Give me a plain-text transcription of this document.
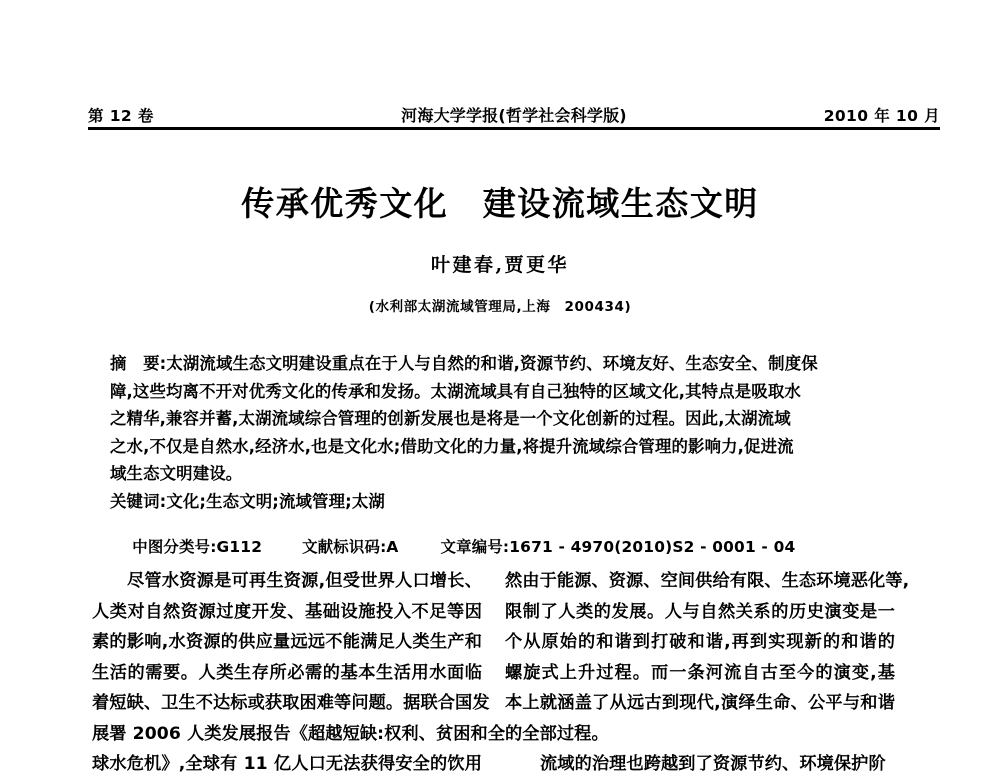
第 12 卷	河海大学学报(哲学社会科学版)	2010 年 10 月
传承优秀文化　建设流域生态文明
叶建春,贾更华
(水利部太湖流域管理局,上海　200434)
摘　要:太湖流域生态文明建设重点在于人与自然的和谐,资源节约、环境友好、生态安全、制度保
障,这些均离不开对优秀文化的传承和发扬。太湖流域具有自己独特的区域文化,其特点是吸取水
之精华,兼容并蓄,太湖流域综合管理的创新发展也是将是一个文化创新的过程。因此,太湖流域
之水,不仅是自然水,经济水,也是文化水;借助文化的力量,将提升流域综合管理的影响力,促进流
域生态文明建设。
关键词:文化;生态文明;流域管理;太湖

中图分类号:G112	文献标识码:A	文章编号:1671 - 4970(2010)S2 - 0001 - 04

尽管水资源是可再生资源,但受世界人口增长、
人类对自然资源过度开发、基础设施投入不足等因
素的影响,水资源的供应量远远不能满足人类生产和
生活的需要。人类生存所必需的基本生活用水面临
着短缺、卫生不达标或获取困难等问题。据联合国发
展署 2006 人类发展报告《超越短缺:权利、贫困和全
球水危机》,全球有 11 亿人口无法获得安全的饮用
然由于能源、资源、空间供给有限、生态环境恶化等,
限制了人类的发展。人与自然关系的历史演变是一
个从原始的和谐到打破和谐,再到实现新的和谐的
螺旋式上升过程。而一条河流自古至今的演变,基
本上就涵盖了从远古到现代,演绎生命、公平与和谐
的全部过程。
流域的治理也跨越到了资源节约、环境保护阶
